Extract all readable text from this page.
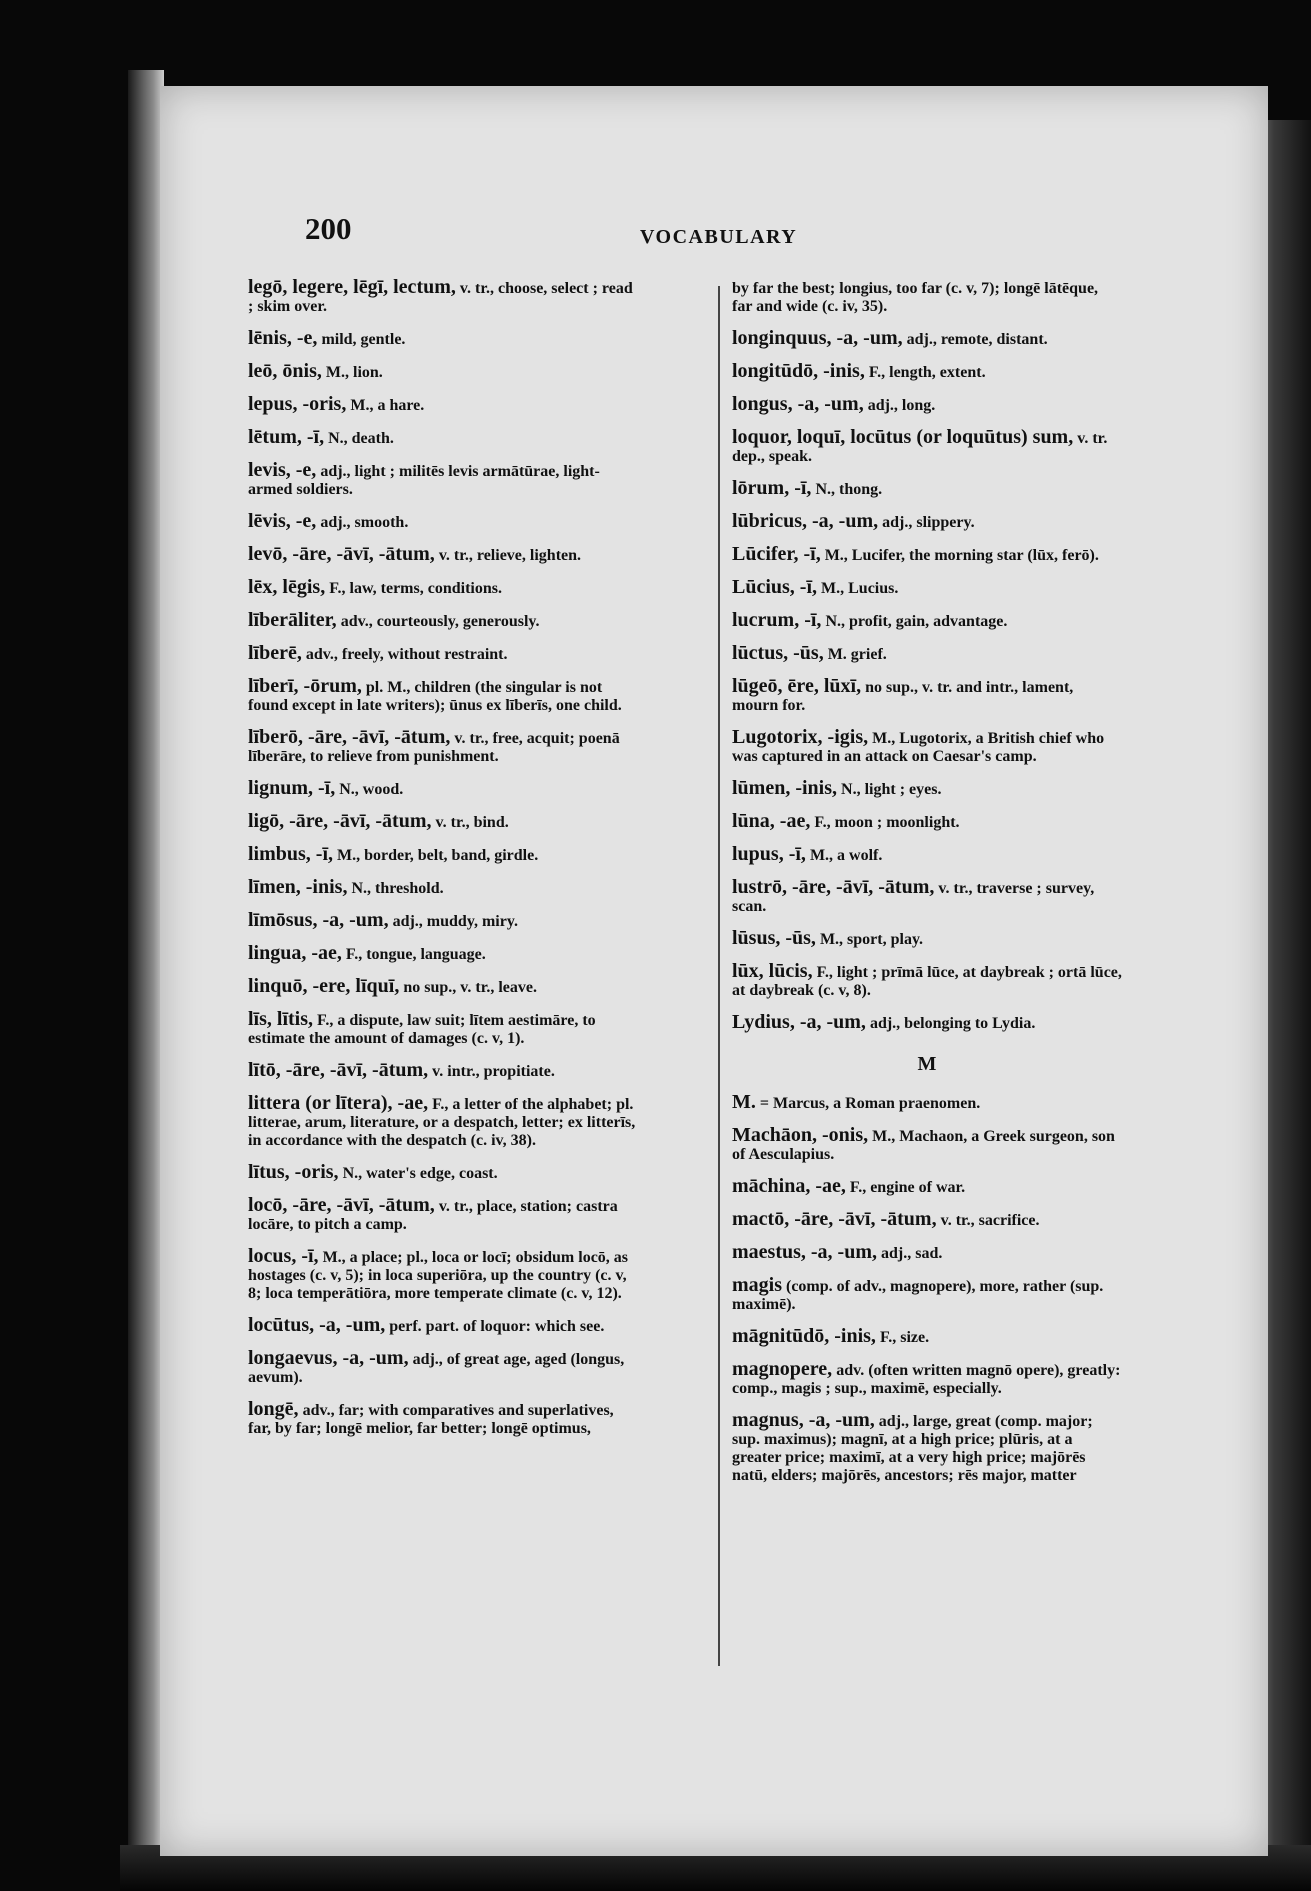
200	VOCABULARY
legō, legere, lēgī, lectum, v. tr., choose, select ; read ; skim over.
lēnis, -e, mild, gentle.
leō, ōnis, M., lion.
lepus, -oris, M., a hare.
lētum, -ī, N., death.
levis, -e, adj., light ; militēs levis armātūrae, light-armed soldiers.
lēvis, -e, adj., smooth.
levō, -āre, -āvī, -ātum, v. tr., relieve, lighten.
lēx, lēgis, F., law, terms, conditions.
līberāliter, adv., courteously, generously.
līberē, adv., freely, without restraint.
līberī, -ōrum, pl. M., children (the singular is not found except in late writers); ūnus ex līberīs, one child.
līberō, -āre, -āvī, -ātum, v. tr., free, acquit; poenā līberāre, to relieve from punishment.
lignum, -ī, N., wood.
ligō, -āre, -āvī, -ātum, v. tr., bind.
limbus, -ī, M., border, belt, band, girdle.
līmen, -inis, N., threshold.
līmōsus, -a, -um, adj., muddy, miry.
lingua, -ae, F., tongue, language.
linquō, -ere, līquī, no sup., v. tr., leave.
līs, lītis, F., a dispute, law suit; lītem aestimāre, to estimate the amount of damages (c. v, 1).
lītō, -āre, -āvī, -ātum, v. intr., propitiate.
littera (or lītera), -ae, F., a letter of the alphabet; pl. litterae, arum, literature, or a despatch, letter; ex litterīs, in accordance with the despatch (c. iv, 38).
lītus, -oris, N., water's edge, coast.
locō, -āre, -āvī, -ātum, v. tr., place, station; castra locāre, to pitch a camp.
locus, -ī, M., a place; pl., loca or locī; obsidum locō, as hostages (c. v, 5); in loca superiōra, up the country (c. v, 8; loca temperātiōra, more temperate climate (c. v, 12).
locūtus, -a, -um, perf. part. of loquor: which see.
longaevus, -a, -um, adj., of great age, aged (longus, aevum).
longē, adv., far; with comparatives and superlatives, far, by far; longē melior, far better; longē optimus,
by far the best; longius, too far (c. v, 7); longē lātēque, far and wide (c. iv, 35).
longinquus, -a, -um, adj., remote, distant.
longitūdō, -inis, F., length, extent.
longus, -a, -um, adj., long.
loquor, loquī, locūtus (or loquūtus) sum, v. tr. dep., speak.
lōrum, -ī, N., thong.
lūbricus, -a, -um, adj., slippery.
Lūcifer, -ī, M., Lucifer, the morning star (lūx, ferō).
Lūcius, -ī, M., Lucius.
lucrum, -ī, N., profit, gain, advantage.
lūctus, -ūs, M. grief.
lūgeō, ēre, lūxī, no sup., v. tr. and intr., lament, mourn for.
Lugotorix, -igis, M., Lugotorix, a British chief who was captured in an attack on Caesar's camp.
lūmen, -inis, N., light ; eyes.
lūna, -ae, F., moon ; moonlight.
lupus, -ī, M., a wolf.
lustrō, -āre, -āvī, -ātum, v. tr., traverse ; survey, scan.
lūsus, -ūs, M., sport, play.
lūx, lūcis, F., light ; prīmā lūce, at daybreak ; ortā lūce, at daybreak (c. v, 8).
Lydius, -a, -um, adj., belonging to Lydia.
M
M. = Marcus, a Roman praenomen.
Machāon, -onis, M., Machaon, a Greek surgeon, son of Aesculapius.
māchina, -ae, F., engine of war.
mactō, -āre, -āvī, -ātum, v. tr., sacrifice.
maestus, -a, -um, adj., sad.
magis (comp. of adv., magnopere), more, rather (sup. maximē).
māgnitūdō, -inis, F., size.
magnopere, adv. (often written magnō opere), greatly: comp., magis ; sup., maximē, especially.
magnus, -a, -um, adj., large, great (comp. major; sup. maximus); magnī, at a high price; plūris, at a greater price; maximī, at a very high price; majōrēs natū, elders; majōrēs, ancestors; rēs major, matter
